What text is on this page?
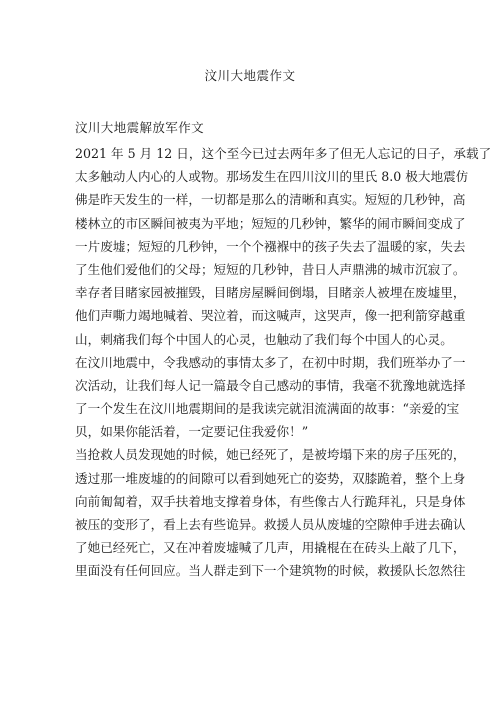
汶川大地震作文
汶川大地震解放军作文
2021 年 5 月 12 日，这个至今已过去两年多了但无人忘记的日子，承载了
太多触动人内心的人或物。那场发生在四川汶川的里氏 8.0 极大地震仿
佛是昨天发生的一样，一切都是那么的清晰和真实。短短的几秒钟，高
楼林立的市区瞬间被夷为平地；短短的几秒钟，繁华的闹市瞬间变成了
一片废墟；短短的几秒钟，一个个襁褓中的孩子失去了温暖的家，失去
了生他们爱他们的父母；短短的几秒钟，昔日人声鼎沸的城市沉寂了。
幸存者目睹家园被摧毁，目睹房屋瞬间倒塌，目睹亲人被埋在废墟里，
他们声嘶力竭地喊着、哭泣着，而这喊声，这哭声，像一把利箭穿越重
山，刺痛我们每个中国人的心灵，也触动了我们每个中国人的心灵。
在汶川地震中，令我感动的事情太多了，在初中时期，我们班举办了一
次活动，让我们每人记一篇最令自己感动的事情，我毫不犹豫地就选择
了一个发生在汶川地震期间的是我读完就泪流满面的故事：“亲爱的宝
贝，如果你能活着，一定要记住我爱你！”
当抢救人员发现她的时候，她已经死了，是被垮塌下来的房子压死的，
透过那一堆废墟的的间隙可以看到她死亡的姿势，双膝跪着，整个上身
向前匍匐着，双手扶着地支撑着身体，有些像古人行跪拜礼，只是身体
被压的变形了，看上去有些诡异。救援人员从废墟的空隙伸手进去确认
了她已经死亡，又在冲着废墟喊了几声，用撬棍在在砖头上敲了几下，
里面没有任何回应。当人群走到下一个建筑物的时候，救援队长忽然往
